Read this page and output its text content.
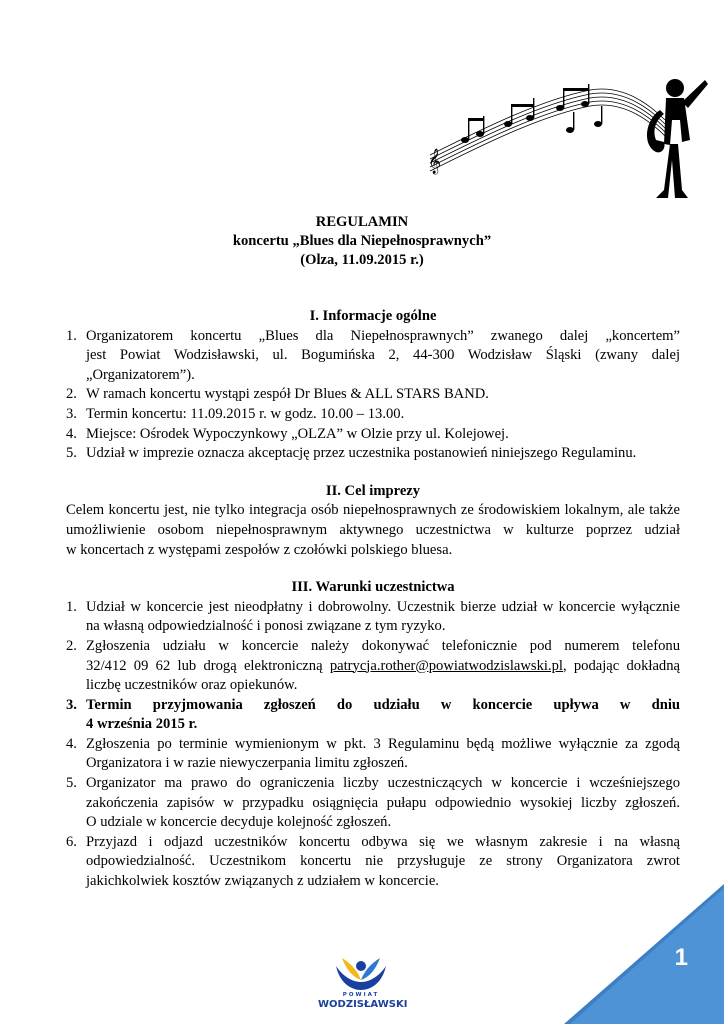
𝄞
REGULAMIN
koncertu „Blues dla Niepełnosprawnych”
(Olza, 11.09.2015 r.)
I. Informacje ogólne
1. Organizatorem koncertu „Blues dla Niepełnosprawnych” zwanego dalej „koncertem”
jest Powiat Wodzisławski, ul. Bogumińska 2, 44-300 Wodzisław Śląski (zwany dalej
„Organizatorem”).
2. W ramach koncertu wystąpi zespół Dr Blues & ALL STARS BAND.
3. Termin koncertu: 11.09.2015 r. w godz. 10.00 – 13.00.
4. Miejsce: Ośrodek Wypoczynkowy „OLZA” w Olzie przy ul. Kolejowej.
5. Udział w imprezie oznacza akceptację przez uczestnika postanowień niniejszego Regulaminu.
II. Cel imprezy
Celem koncertu jest, nie tylko integracja osób niepełnosprawnych ze środowiskiem lokalnym, ale także
umożliwienie osobom niepełnosprawnym aktywnego uczestnictwa w kulturze poprzez udział
w koncertach z występami zespołów z czołówki polskiego bluesa.
III. Warunki uczestnictwa
1. Udział w koncercie jest nieodpłatny i dobrowolny. Uczestnik bierze udział w koncercie wyłącznie
na własną odpowiedzialność i ponosi związane z tym ryzyko.
2. Zgłoszenia udziału w koncercie należy dokonywać telefonicznie pod numerem telefonu
32/412 09 62 lub drogą elektroniczną patrycja.rother@powiatwodzislawski.pl, podając dokładną
liczbę uczestników oraz opiekunów.
3. Termin przyjmowania zgłoszeń do udziału w koncercie upływa w dniu
4 września 2015 r.
4. Zgłoszenia po terminie wymienionym w pkt. 3 Regulaminu będą możliwe wyłącznie za zgodą
Organizatora i w razie niewyczerpania limitu zgłoszeń.
5. Organizator ma prawo do ograniczenia liczby uczestniczących w koncercie i wcześniejszego
zakończenia zapisów w przypadku osiągnięcia pułapu odpowiednio wysokiej liczby zgłoszeń.
O udziale w koncercie decyduje kolejność zgłoszeń.
6. Przyjazd i odjazd uczestników koncertu odbywa się we własnym zakresie i na własną
odpowiedzialność. Uczestnikom koncertu nie przysługuje ze strony Organizatora zwrot
jakichkolwiek kosztów związanych z udziałem w koncercie.
POWIAT
WODZISŁAWSKI
1
